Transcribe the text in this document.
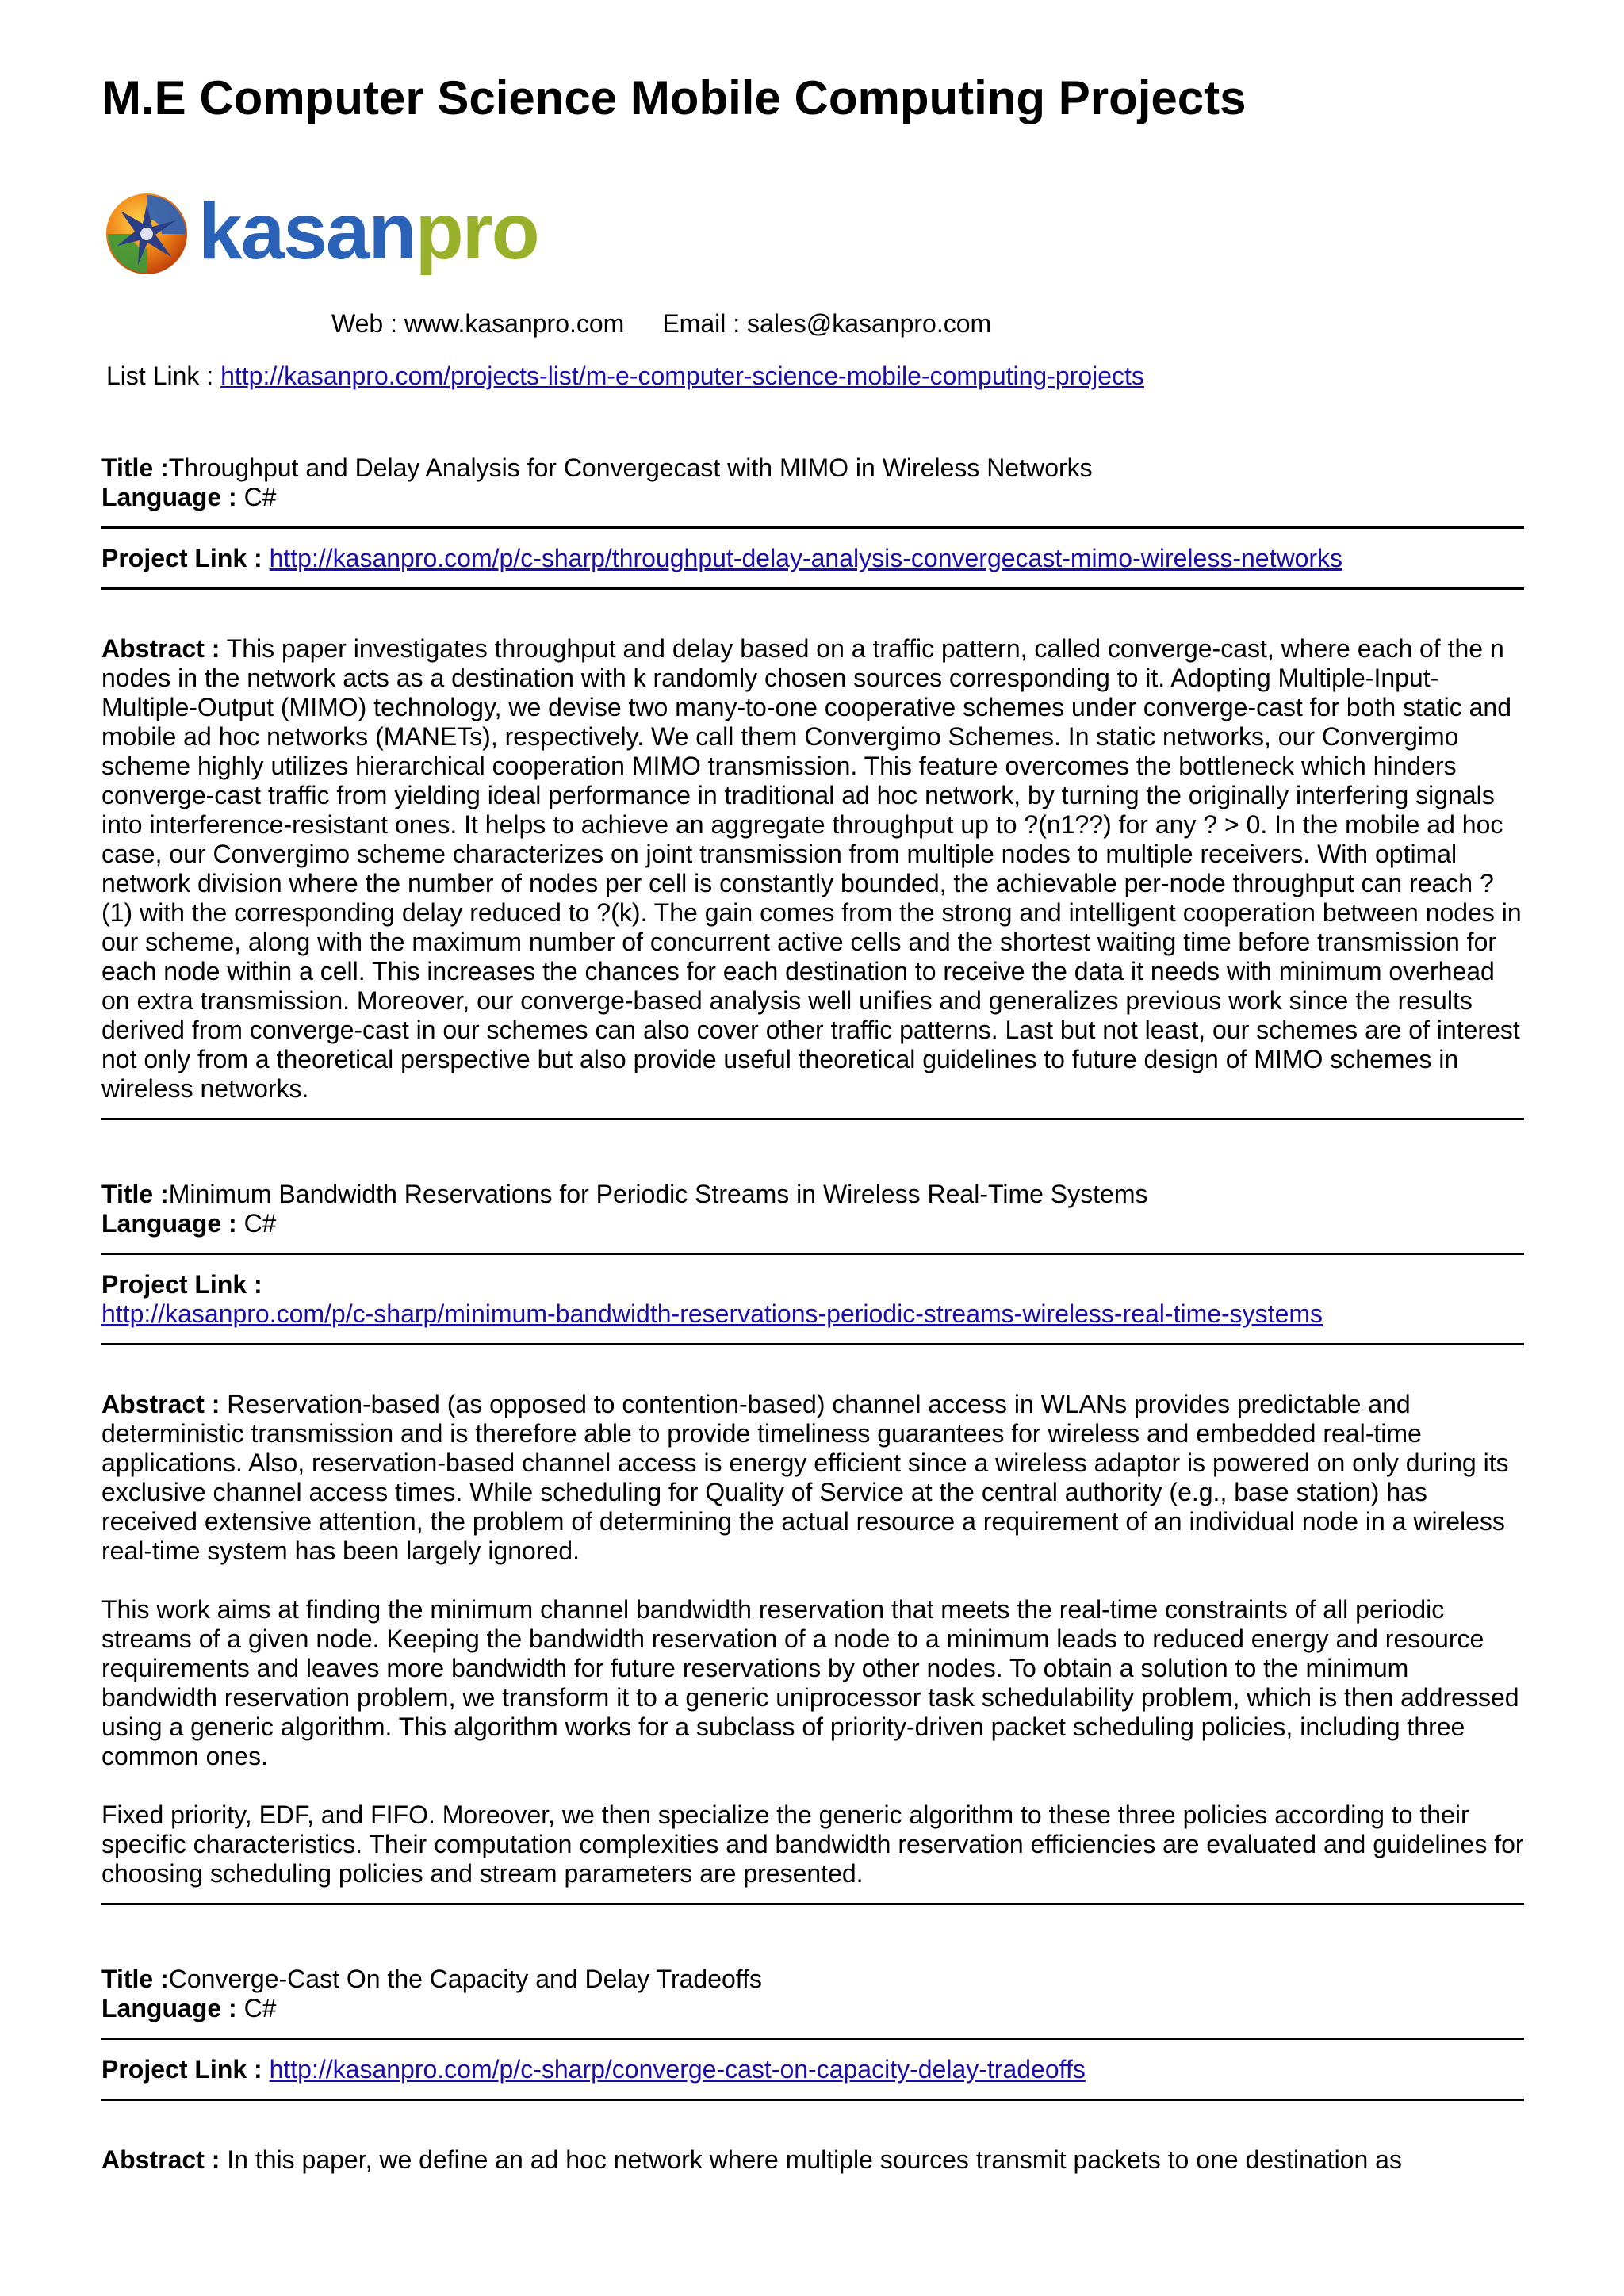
M.E Computer Science Mobile Computing Projects
kasanpro
Web : www.kasanpro.com Email : sales@kasanpro.com
List Link : http://kasanpro.com/projects-list/m-e-computer-science-mobile-computing-projects
Title :Throughput and Delay Analysis for Convergecast with MIMO in Wireless Networks
Language : C#
Project Link : http://kasanpro.com/p/c-sharp/throughput-delay-analysis-convergecast-mimo-wireless-networks

Abstract : This paper investigates throughput and delay based on a traffic pattern, called converge-cast, where each of the n nodes in the network acts as a destination with k randomly chosen sources corresponding to it. Adopting Multiple-Input-Multiple-Output (MIMO) technology, we devise two many-to-one cooperative schemes under converge-cast for both static and mobile ad hoc networks (MANETs), respectively. We call them Convergimo Schemes. In static networks, our Convergimo scheme highly utilizes hierarchical cooperation MIMO transmission. This feature overcomes the bottleneck which hinders converge-cast traffic from yielding ideal performance in traditional ad hoc network, by turning the originally interfering signals into interference-resistant ones. It helps to achieve an aggregate throughput up to ?(n1??) for any ? > 0. In the mobile ad hoc case, our Convergimo scheme characterizes on joint transmission from multiple nodes to multiple receivers. With optimal network division where the number of nodes per cell is constantly bounded, the achievable per-node throughput can reach ?(1) with the corresponding delay reduced to ?(k). The gain comes from the strong and intelligent cooperation between nodes in our scheme, along with the maximum number of concurrent active cells and the shortest waiting time before transmission for each node within a cell. This increases the chances for each destination to receive the data it needs with minimum overhead on extra transmission. Moreover, our converge-based analysis well unifies and generalizes previous work since the results derived from converge-cast in our schemes can also cover other traffic patterns. Last but not least, our schemes are of interest not only from a theoretical perspective but also provide useful theoretical guidelines to future design of MIMO schemes in wireless networks.

Title :Minimum Bandwidth Reservations for Periodic Streams in Wireless Real-Time Systems
Language : C#
Project Link :
http://kasanpro.com/p/c-sharp/minimum-bandwidth-reservations-periodic-streams-wireless-real-time-systems

Abstract : Reservation-based (as opposed to contention-based) channel access in WLANs provides predictable and deterministic transmission and is therefore able to provide timeliness guarantees for wireless and embedded real-time applications. Also, reservation-based channel access is energy efficient since a wireless adaptor is powered on only during its exclusive channel access times. While scheduling for Quality of Service at the central authority (e.g., base station) has received extensive attention, the problem of determining the actual resource a requirement of an individual node in a wireless real-time system has been largely ignored.

This work aims at finding the minimum channel bandwidth reservation that meets the real-time constraints of all periodic streams of a given node. Keeping the bandwidth reservation of a node to a minimum leads to reduced energy and resource requirements and leaves more bandwidth for future reservations by other nodes. To obtain a solution to the minimum bandwidth reservation problem, we transform it to a generic uniprocessor task schedulability problem, which is then addressed using a generic algorithm. This algorithm works for a subclass of priority-driven packet scheduling policies, including three common ones.

Fixed priority, EDF, and FIFO. Moreover, we then specialize the generic algorithm to these three policies according to their specific characteristics. Their computation complexities and bandwidth reservation efficiencies are evaluated and guidelines for choosing scheduling policies and stream parameters are presented.

Title :Converge-Cast On the Capacity and Delay Tradeoffs
Language : C#
Project Link : http://kasanpro.com/p/c-sharp/converge-cast-on-capacity-delay-tradeoffs

Abstract : In this paper, we define an ad hoc network where multiple sources transmit packets to one destination as
